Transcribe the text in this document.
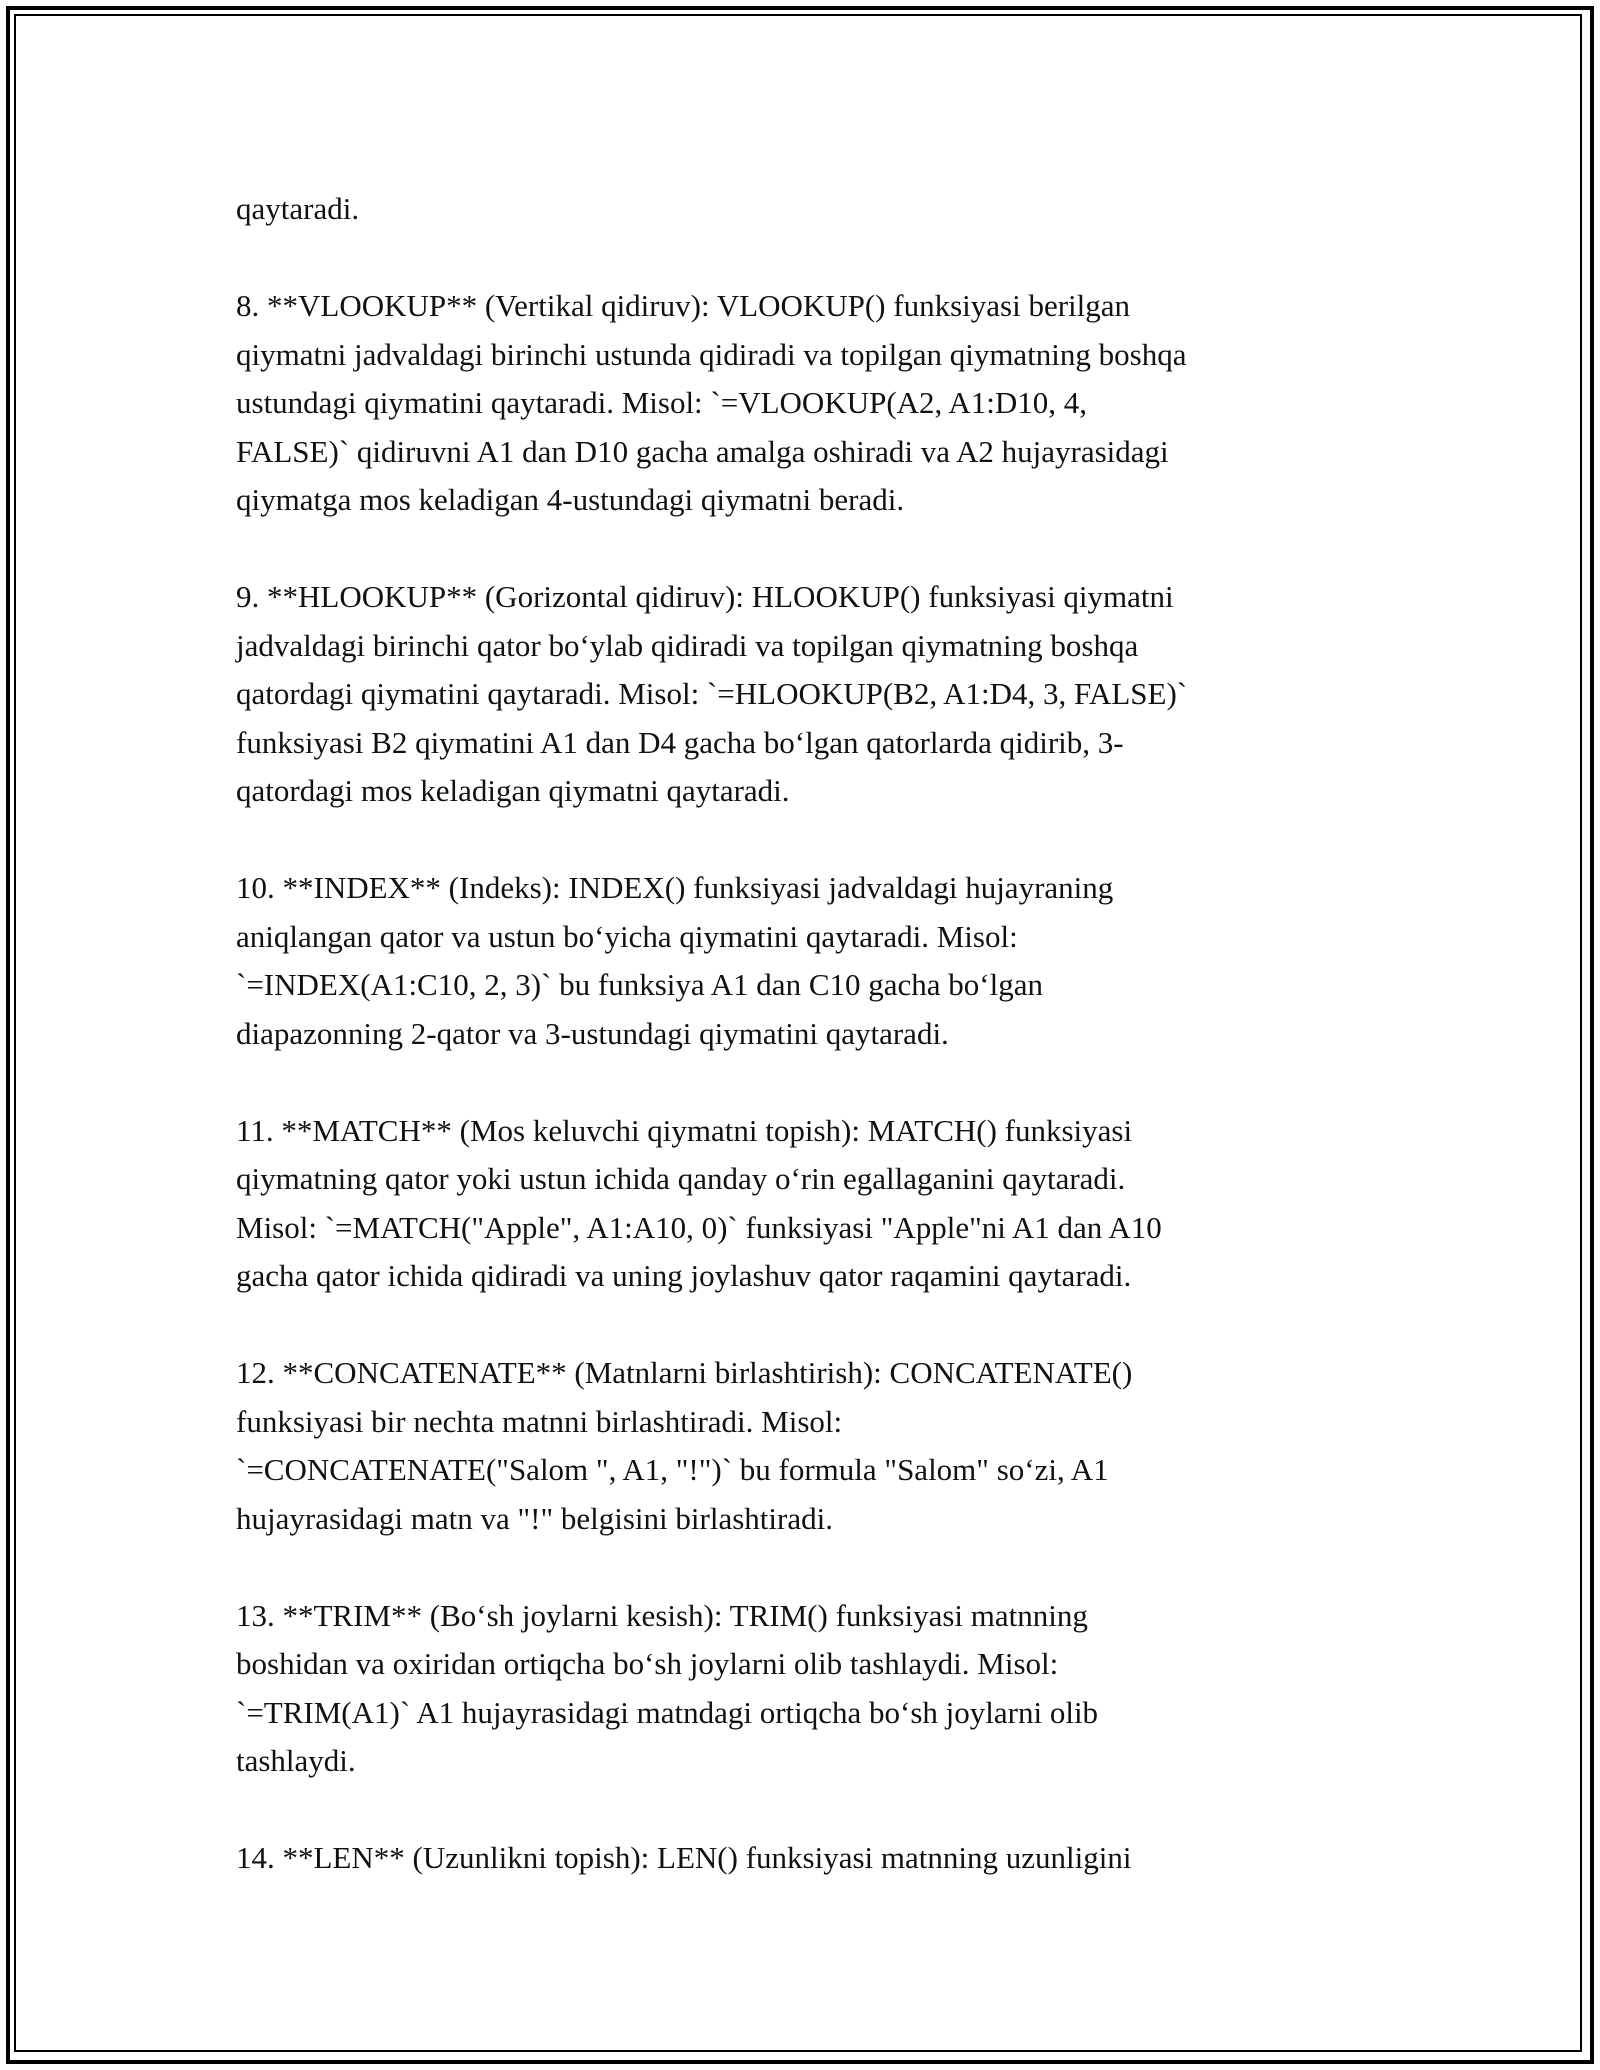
qaytaradi.
8. **VLOOKUP** (Vertikal qidiruv): VLOOKUP() funksiyasi berilgan
qiymatni jadvaldagi birinchi ustunda qidiradi va topilgan qiymatning boshqa
ustundagi qiymatini qaytaradi. Misol: `=VLOOKUP(A2, A1:D10, 4,
FALSE)` qidiruvni A1 dan D10 gacha amalga oshiradi va A2 hujayrasidagi
qiymatga mos keladigan 4-ustundagi qiymatni beradi.
9. **HLOOKUP** (Gorizontal qidiruv): HLOOKUP() funksiyasi qiymatni
jadvaldagi birinchi qator bo‘ylab qidiradi va topilgan qiymatning boshqa
qatordagi qiymatini qaytaradi. Misol: `=HLOOKUP(B2, A1:D4, 3, FALSE)`
funksiyasi B2 qiymatini A1 dan D4 gacha bo‘lgan qatorlarda qidirib, 3-
qatordagi mos keladigan qiymatni qaytaradi.
10. **INDEX** (Indeks): INDEX() funksiyasi jadvaldagi hujayraning
aniqlangan qator va ustun bo‘yicha qiymatini qaytaradi. Misol:
`=INDEX(A1:C10, 2, 3)` bu funksiya A1 dan C10 gacha bo‘lgan
diapazonning 2-qator va 3-ustundagi qiymatini qaytaradi.
11. **MATCH** (Mos keluvchi qiymatni topish): MATCH() funksiyasi
qiymatning qator yoki ustun ichida qanday o‘rin egallaganini qaytaradi.
Misol: `=MATCH("Apple", A1:A10, 0)` funksiyasi "Apple"ni A1 dan A10
gacha qator ichida qidiradi va uning joylashuv qator raqamini qaytaradi.
12. **CONCATENATE** (Matnlarni birlashtirish): CONCATENATE()
funksiyasi bir nechta matnni birlashtiradi. Misol:
`=CONCATENATE("Salom ", A1, "!")` bu formula "Salom" so‘zi, A1
hujayrasidagi matn va "!" belgisini birlashtiradi.
13. **TRIM** (Bo‘sh joylarni kesish): TRIM() funksiyasi matnning
boshidan va oxiridan ortiqcha bo‘sh joylarni olib tashlaydi. Misol:
`=TRIM(A1)` A1 hujayrasidagi matndagi ortiqcha bo‘sh joylarni olib
tashlaydi.
14. **LEN** (Uzunlikni topish): LEN() funksiyasi matnning uzunligini
